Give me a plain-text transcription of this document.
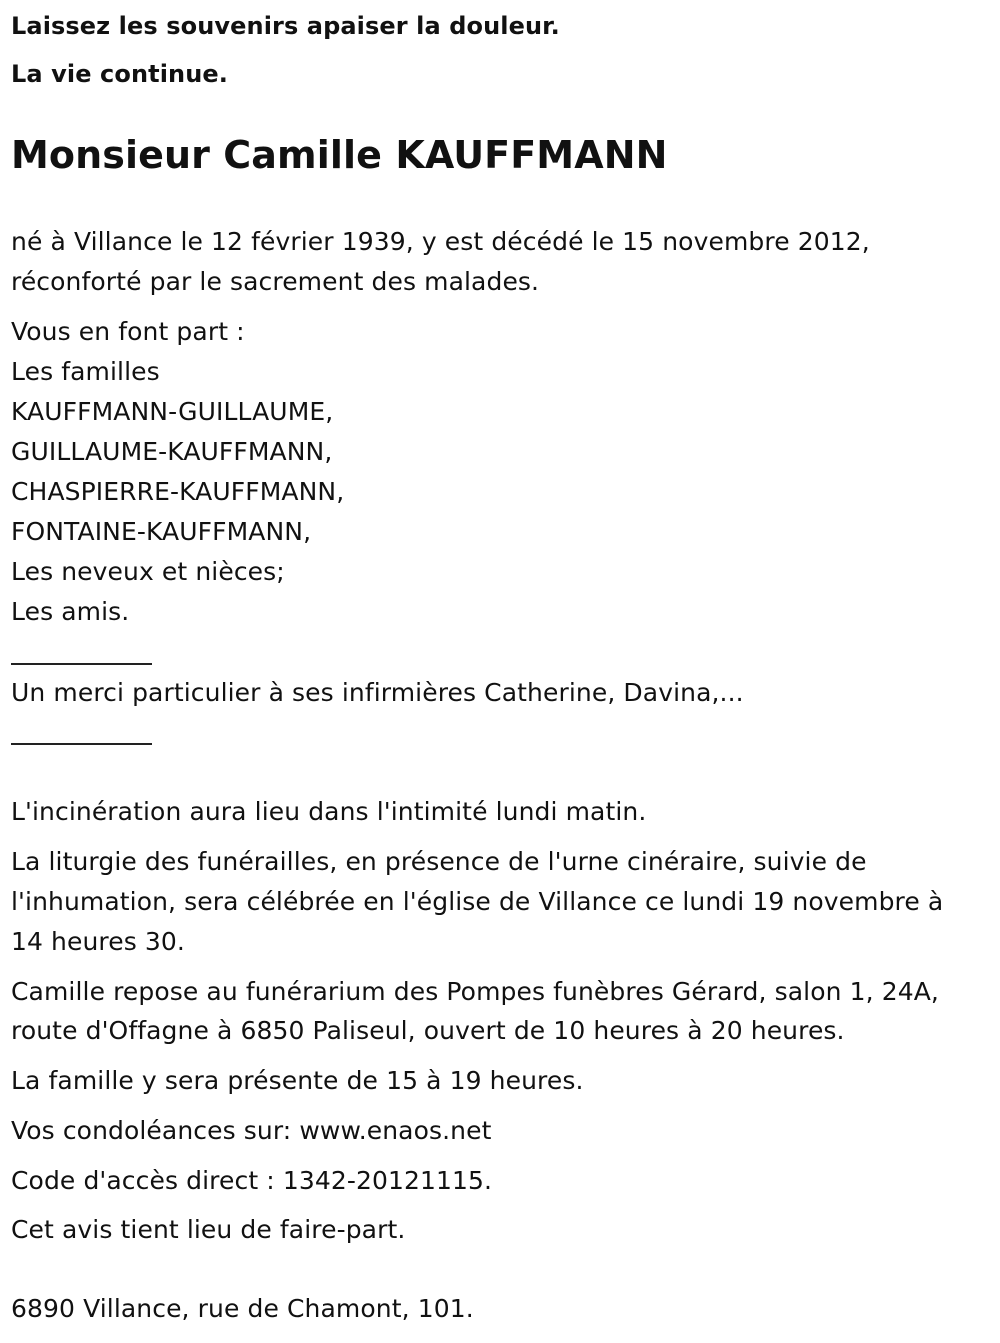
Laissez les souvenirs apaiser la douleur.
La vie continue.
Monsieur Camille KAUFFMANN
né à Villance le 12 février 1939, y est décédé le 15 novembre 2012,
réconforté par le sacrement des malades.
Vous en font part :
Les familles
KAUFFMANN-GUILLAUME,
GUILLAUME-KAUFFMANN,
CHASPIERRE-KAUFFMANN,
FONTAINE-KAUFFMANN,
Les neveux et nièces;
Les amis.
Un merci particulier à ses infirmières Catherine, Davina,...
L'incinération aura lieu dans l'intimité lundi matin.
La liturgie des funérailles, en présence de l'urne cinéraire, suivie de
l'inhumation, sera célébrée en l'église de Villance ce lundi 19 novembre à
14 heures 30.
Camille repose au funérarium des Pompes funèbres Gérard, salon 1, 24A,
route d'Offagne à 6850 Paliseul, ouvert de 10 heures à 20 heures.
La famille y sera présente de 15 à 19 heures.
Vos condoléances sur: www.enaos.net
Code d'accès direct : 1342-20121115.
Cet avis tient lieu de faire-part.
6890 Villance, rue de Chamont, 101.
